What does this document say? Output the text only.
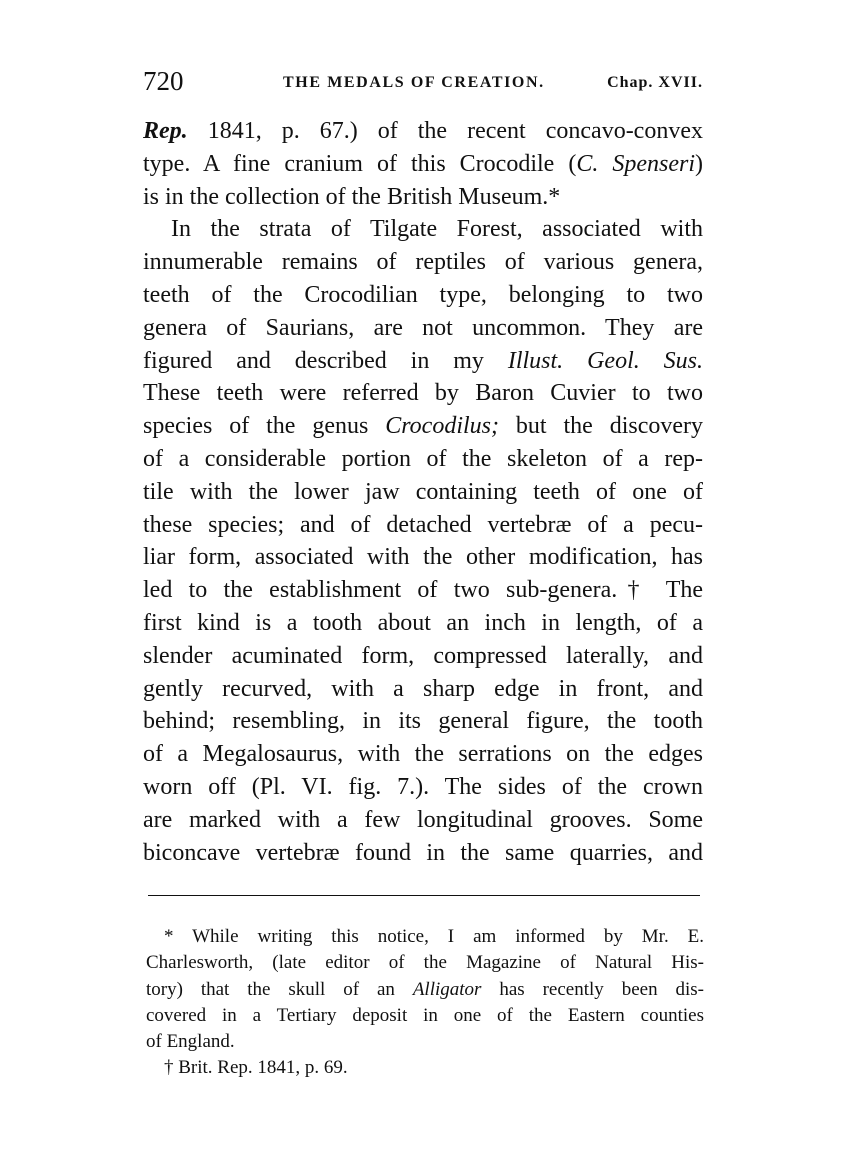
720	THE MEDALS OF CREATION.	Chap. XVII.
Rep. 1841, p. 67.) of the recent concavo-convex
type. A fine cranium of this Crocodile (C. Spenseri)
is in the collection of the British Museum.*
In the strata of Tilgate Forest, associated with
innumerable remains of reptiles of various genera,
teeth of the Crocodilian type, belonging to two
genera of Saurians, are not uncommon. They are
figured and described in my Illust. Geol. Sus.
These teeth were referred by Baron Cuvier to two
species of the genus Crocodilus; but the discovery
of a considerable portion of the skeleton of a rep-
tile with the lower jaw containing teeth of one of
these species; and of detached vertebræ of a pecu-
liar form, associated with the other modification, has
led to the establishment of two sub-genera.† The
first kind is a tooth about an inch in length, of a
slender acuminated form, compressed laterally, and
gently recurved, with a sharp edge in front, and
behind; resembling, in its general figure, the tooth
of a Megalosaurus, with the serrations on the edges
worn off (Pl. VI. fig. 7.). The sides of the crown
are marked with a few longitudinal grooves. Some
biconcave vertebræ found in the same quarries, and
* While writing this notice, I am informed by Mr. E.
Charlesworth, (late editor of the Magazine of Natural His-
tory) that the skull of an Alligator has recently been dis-
covered in a Tertiary deposit in one of the Eastern counties
of England.
† Brit. Rep. 1841, p. 69.
